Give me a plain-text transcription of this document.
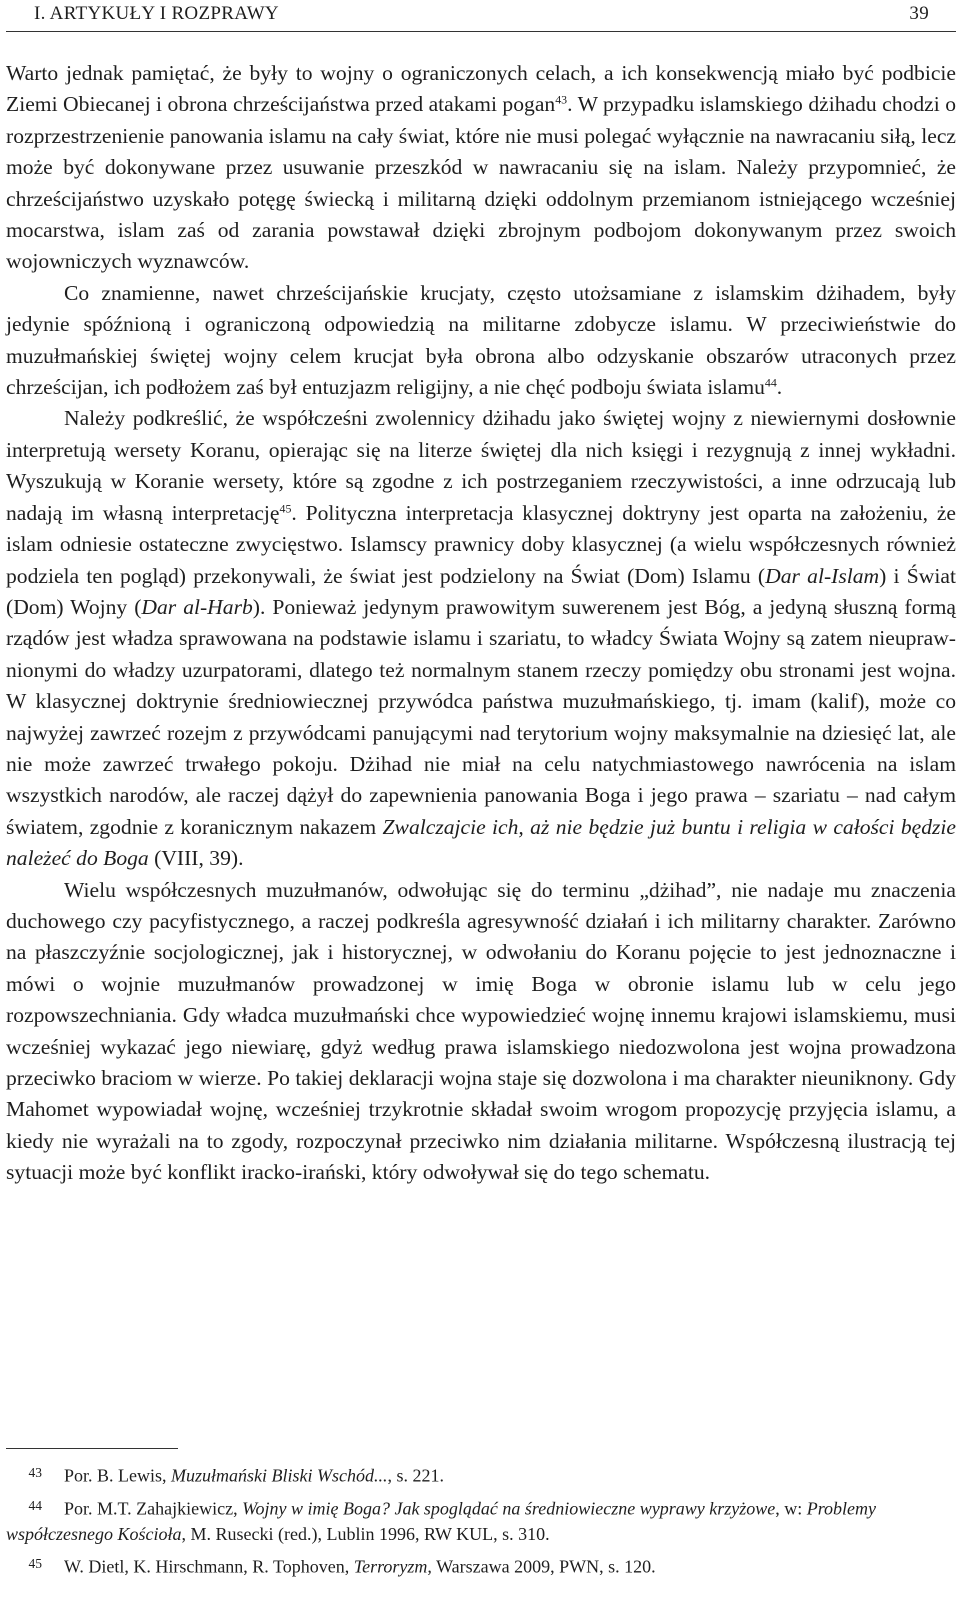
I. ARTYKUŁY I ROZPRAWY	39

Warto jednak pamiętać, że były to wojny o ograniczonych celach, a ich konsekwencją miało być podbicie Ziemi Obiecanej i obrona chrześcijaństwa przed atakami pogan$^{43}$. W przypadku islamskiego dżihadu chodzi o rozprzestrzenienie panowania islamu na cały świat, które nie musi polegać wyłącznie na nawracaniu siłą, lecz może być dokonywane przez usuwanie przeszkód w nawracaniu się na islam. Należy przypomnieć, że chrześcijaństwo uzyskało potęgę świecką i militarną dzięki oddolnym przemianom istniejącego wcześniej mocarstwa, islam zaś od zarania powstawał dzięki zbrojnym podbojom dokonywanym przez swoich wojowniczych wyznawców.

Co znamienne, nawet chrześcijańskie krucjaty, często utożsamiane z islamskim dżihadem, były jedynie spóźnioną i ograniczoną odpowiedzią na militarne zdobycze islamu. W przeciwieństwie do muzułmańskiej świętej wojny celem krucjat była obrona albo odzyskanie obszarów utraconych przez chrześcijan, ich podłożem zaś był entuzjazm religijny, a nie chęć podboju świata islamu$^{44}$.

Należy podkreślić, że współcześni zwolennicy dżihadu jako świętej wojny z niewiernymi dosłownie interpretują wersety Koranu, opierając się na literze świętej dla nich księgi i rezygnują z innej wykładni. Wyszukują w Koranie wersety, które są zgodne z ich postrzeganiem rzeczywistości, a inne odrzucają lub nadają im własną interpretację$^{45}$. Polityczna interpretacja klasycznej doktryny jest oparta na założeniu, że islam odniesie ostateczne zwycięstwo. Islamscy prawnicy doby klasycznej (a wielu współczesnych również podziela ten pogląd) przekonywali, że świat jest podzielony na Świat (Dom) Islamu (Dar al-Islam) i Świat (Dom) Wojny (Dar al-Harb). Ponieważ jedynym prawowitym suwerenem jest Bóg, a jedyną słuszną formą rządów jest władza sprawowana na podstawie islamu i szariatu, to władcy Świata Wojny są zatem nieuprawnionymi do władzy uzurpatorami, dlatego też normalnym stanem rzeczy pomiędzy obu stronami jest wojna. W klasycznej doktrynie średniowiecznej przywódca państwa muzułmańskiego, tj. imam (kalif), może co najwyżej zawrzeć rozejm z przywódcami panującymi nad terytorium wojny maksymalnie na dziesięć lat, ale nie może zawrzeć trwałego pokoju. Dżihad nie miał na celu natychmiastowego nawrócenia na islam wszystkich narodów, ale raczej dążył do zapewnienia panowania Boga i jego prawa – szariatu – nad całym światem, zgodnie z koranicznym nakazem Zwalczajcie ich, aż nie będzie już buntu i religia w całości będzie należeć do Boga (VIII, 39).

Wielu współczesnych muzułmanów, odwołując się do terminu „dżihad”, nie nadaje mu znaczenia duchowego czy pacyfistycznego, a raczej podkreśla agresywność działań i ich militarny charakter. Zarówno na płaszczyźnie socjologicznej, jak i historycznej, w odwołaniu do Koranu pojęcie to jest jednoznaczne i mówi o wojnie muzułmanów prowadzonej w imię Boga w obronie islamu lub w celu jego rozpowszechniania. Gdy władca muzułmański chce wypowiedzieć wojnę innemu krajowi islamskiemu, musi wcześniej wykazać jego niewiarę, gdyż według prawa islamskiego niedozwolona jest wojna prowadzona przeciwko braciom w wierze. Po takiej deklaracji wojna staje się dozwolona i ma charakter nieuniknony. Gdy Mahomet wypowiadał wojnę, wcześniej trzykrotnie składał swoim wrogom propozycję przyjęcia islamu, a kiedy nie wyrażali na to zgody, rozpoczynał przeciwko nim działania militarne. Współczesną ilustracją tej sytuacji może być konflikt iracko-irański, który odwoływał się do tego schematu.

43 Por. B. Lewis, Muzułmański Bliski Wschód..., s. 221.
44 Por. M.T. Zahajkiewicz, Wojny w imię Boga? Jak spoglądać na średniowieczne wyprawy krzyżowe, w: Problemy współczesnego Kościoła, M. Rusecki (red.), Lublin 1996, RW KUL, s. 310.
45 W. Dietl, K. Hirschmann, R. Tophoven, Terroryzm, Warszawa 2009, PWN, s. 120.
